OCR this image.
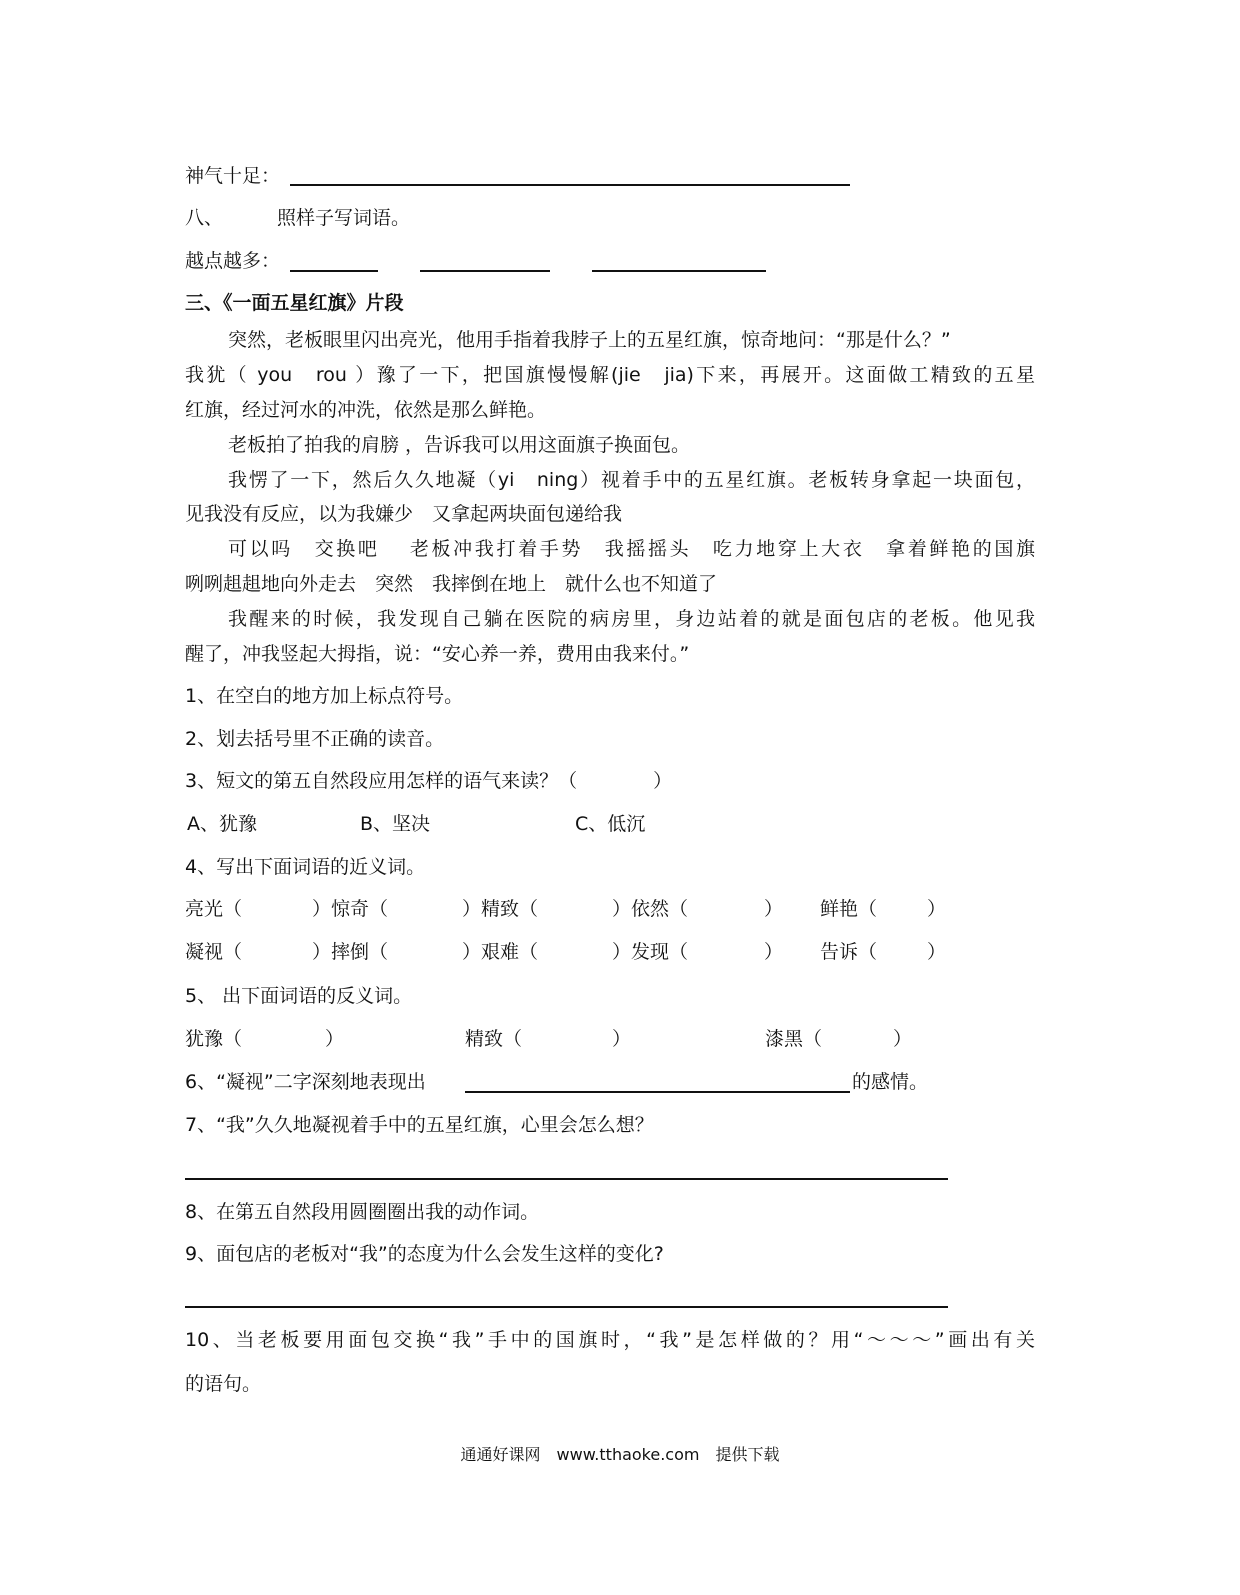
神气十足：
八、	照样子写词语。
越点越多：
三、《一面五星红旗》片段
突然，老板眼里闪出亮光，他用手指着我脖子上的五星红旗，惊奇地问：“那是什么？”
我犹（ you　rou ）豫了一下，把国旗慢慢解(jie　jia)下来，再展开。这面做工精致的五星
红旗，经过河水的冲洗，依然是那么鲜艳。
老板拍了拍我的肩膀 ，告诉我可以用这面旗子换面包。
我愣了一下，然后久久地凝（yi　ning）视着手中的五星红旗。老板转身拿起一块面包，
见我没有反应，以为我嫌少　又拿起两块面包递给我
可以吗　交换吧　 老板冲我打着手势　我摇摇头　吃力地穿上大衣　拿着鲜艳的国旗
咧咧趄趄地向外走去　突然　我摔倒在地上　就什么也不知道了
我醒来的时候，我发现自己躺在医院的病房里，身边站着的就是面包店的老板。他见我
醒了，冲我竖起大拇指，说：“安心养一养，费用由我来付。”
1、在空白的地方加上标点符号。
2、划去括号里不正确的读音。
3、短文的第五自然段应用怎样的语气来读？（　　　　）
A、犹豫	B、坚决	C、低沉
4、写出下面词语的近义词。
亮光（	）惊奇（	）精致（	）依然（	） 鲜艳（	）
凝视（	）摔倒（	）艰难（	）发现（	） 告诉（	）
5、 出下面词语的反义词。
犹豫（	）	精致（	）	漆黑（	）
6、“凝视”二字深刻地表现出	的感情。
7、“我”久久地凝视着手中的五星红旗，心里会怎么想？
8、在第五自然段用圆圈圈出我的动作词。
9、面包店的老板对“我”的态度为什么会发生这样的变化?
10、当老板要用面包交换“我”手中的国旗时，“我”是怎样做的？用“～～～”画出有关
的语句。
通通好课网　www.tthaoke.com　提供下载
